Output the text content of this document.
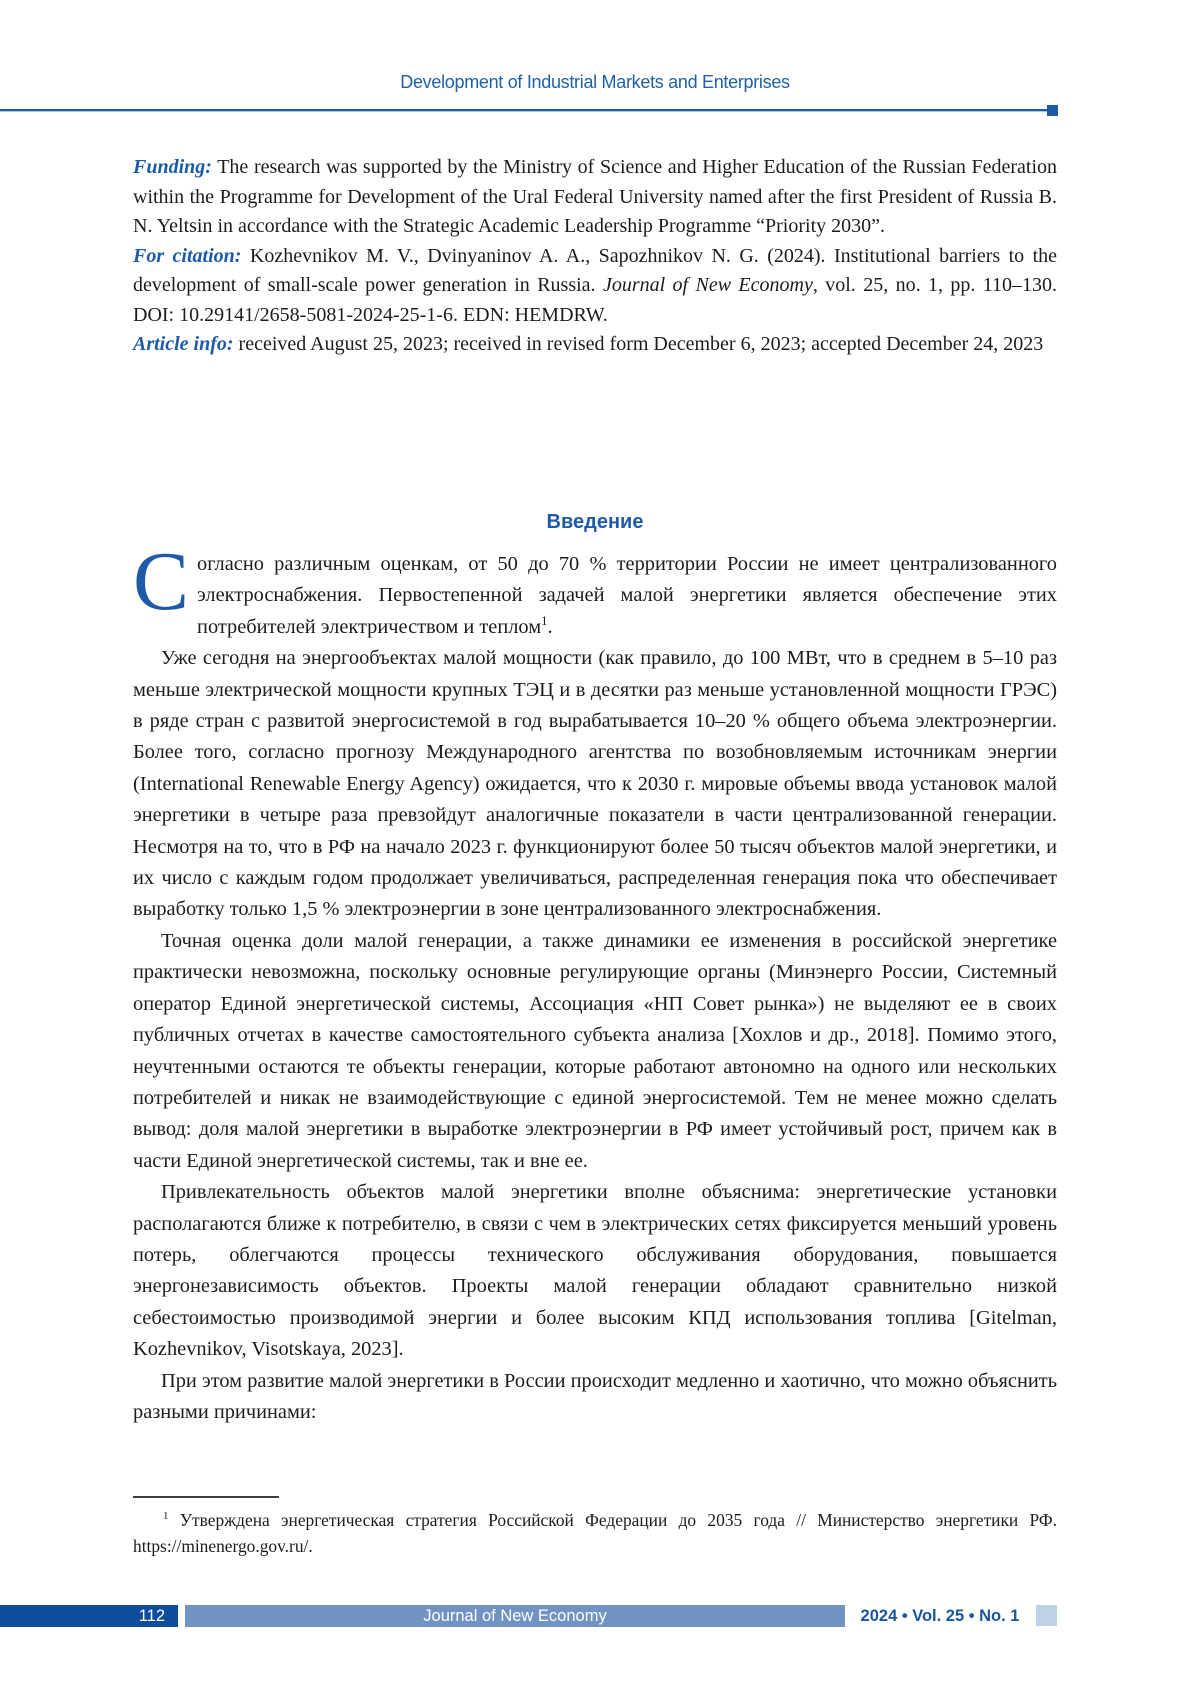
Development of Industrial Markets and Enterprises

Funding: The research was supported by the Ministry of Science and Higher Education of the Russian Federation within the Programme for Development of the Ural Federal University named after the first President of Russia B. N. Yeltsin in accordance with the Strategic Academic Leadership Programme “Priority 2030”.

For citation: Kozhevnikov M. V., Dvinyaninov A. A., Sapozhnikov N. G. (2024). Institutional barriers to the development of small-scale power generation in Russia. Journal of New Economy, vol. 25, no. 1, pp. 110–130. DOI: 10.29141/2658-5081-2024-25-1-6. EDN: HEMDRW.

Article info: received August 25, 2023; received in revised form December 6, 2023; accepted December 24, 2023

Введение

Согласно различным оценкам, от 50 до 70 % территории России не имеет централизованного электроснабжения. Первостепенной задачей малой энергетики является обеспечение этих потребителей электричеством и теплом$^1$.

Уже сегодня на энергообъектах малой мощности (как правило, до 100 МВт, что в среднем в 5–10 раз меньше электрической мощности крупных ТЭЦ и в десятки раз меньше установленной мощности ГРЭС) в ряде стран с развитой энергосистемой в год вырабатывается 10–20 % общего объема электроэнергии. Более того, согласно прогнозу Международного агентства по возобновляемым источникам энергии (International Renewable Energy Agency) ожидается, что к 2030 г. мировые объемы ввода установок малой энергетики в четыре раза превзойдут аналогичные показатели в части централизованной генерации. Несмотря на то, что в РФ на начало 2023 г. функционируют более 50 тысяч объектов малой энергетики, и их число с каждым годом продолжает увеличиваться, распределенная генерация пока что обеспечивает выработку только 1,5 % электроэнергии в зоне централизованного электроснабжения.

Точная оценка доли малой генерации, а также динамики ее изменения в российской энергетике практически невозможна, поскольку основные регулирующие органы (Минэнерго России, Системный оператор Единой энергетической системы, Ассоциация «НП Совет рынка») не выделяют ее в своих публичных отчетах в качестве самостоятельного субъекта анализа [Хохлов и др., 2018]. Помимо этого, неучтенными остаются те объекты генерации, которые работают автономно на одного или нескольких потребителей и никак не взаимодействующие с единой энергосистемой. Тем не менее можно сделать вывод: доля малой энергетики в выработке электроэнергии в РФ имеет устойчивый рост, причем как в части Единой энергетической системы, так и вне ее.

Привлекательность объектов малой энергетики вполне объяснима: энергетические установки располагаются ближе к потребителю, в связи с чем в электрических сетях фиксируется меньший уровень потерь, облегчаются процессы технического обслуживания оборудования, повышается энергонезависимость объектов. Проекты малой генерации обладают сравнительно низкой себестоимостью производимой энергии и более высоким КПД использования топлива [Gitelman, Kozhevnikov, Visotskaya, 2023].

При этом развитие малой энергетики в России происходит медленно и хаотично, что можно объяснить разными причинами:

$^1$ Утверждена энергетическая стратегия Российской Федерации до 2035 года // Министерство энергетики РФ. https://minenergo.gov.ru/.

112	Journal of New Economy	2024 • Vol. 25 • No. 1
